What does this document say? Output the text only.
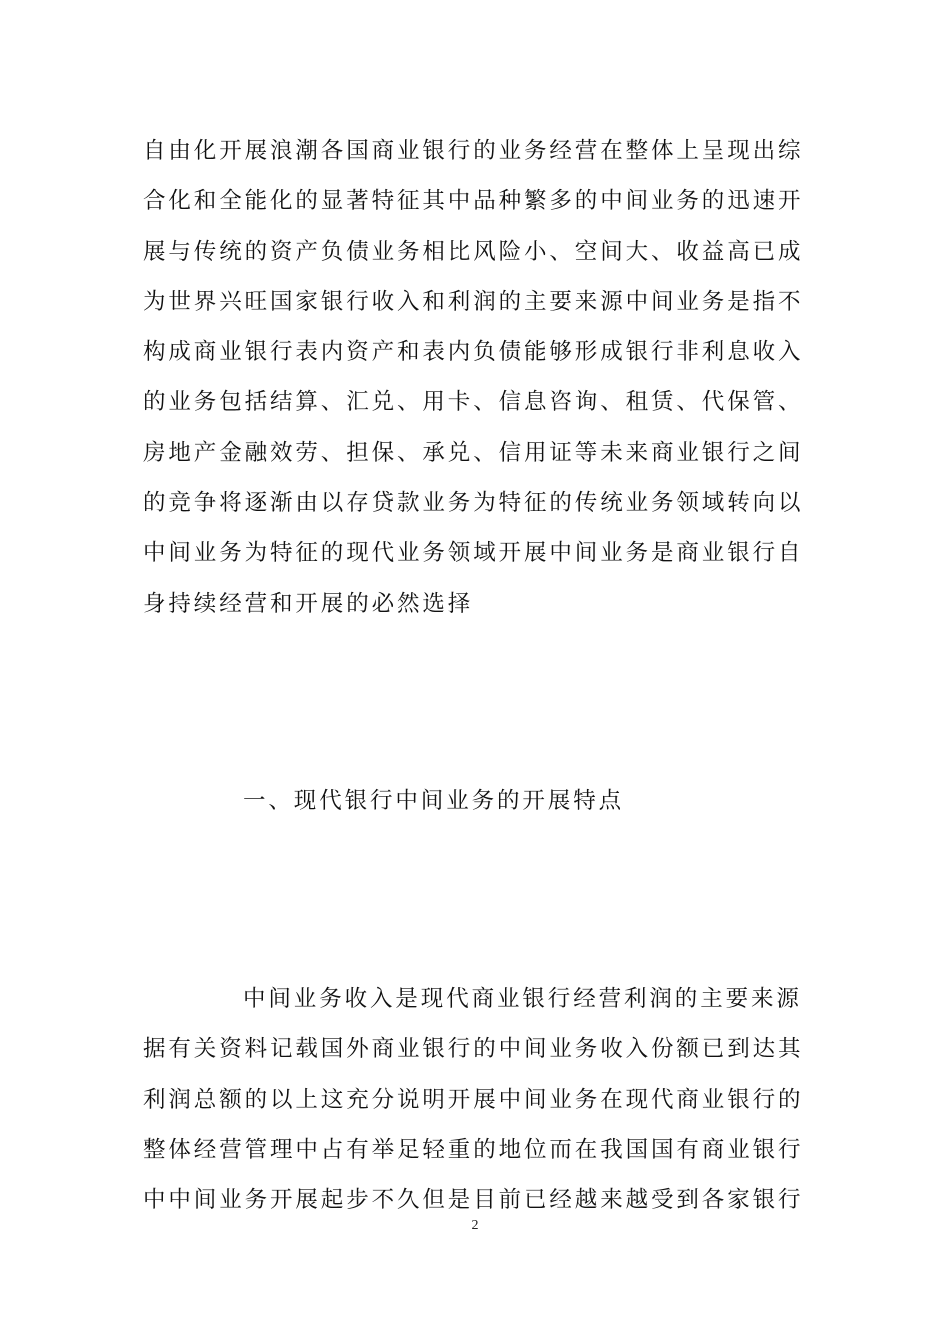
自由化开展浪潮各国商业银行的业务经营在整体上呈现出综
合化和全能化的显著特征其中品种繁多的中间业务的迅速开
展与传统的资产负债业务相比风险小、空间大、收益高已成
为世界兴旺国家银行收入和利润的主要来源中间业务是指不
构成商业银行表内资产和表内负债能够形成银行非利息收入
的业务包括结算、汇兑、用卡、信息咨询、租赁、代保管、
房地产金融效劳、担保、承兑、信用证等未来商业银行之间
的竞争将逐渐由以存贷款业务为特征的传统业务领域转向以
中间业务为特征的现代业务领域开展中间业务是商业银行自
身持续经营和开展的必然选择
一、现代银行中间业务的开展特点
中间业务收入是现代商业银行经营利润的主要来源
据有关资料记载国外商业银行的中间业务收入份额已到达其
利润总额的以上这充分说明开展中间业务在现代商业银行的
整体经营管理中占有举足轻重的地位而在我国国有商业银行
中中间业务开展起步不久但是目前已经越来越受到各家银行
2
